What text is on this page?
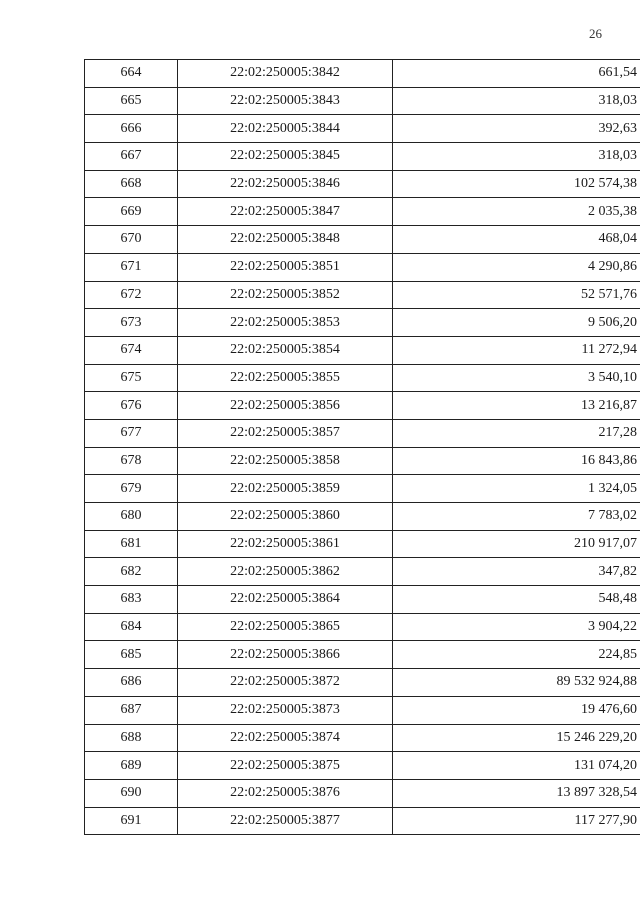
26
664	22:02:250005:3842	661,54
665	22:02:250005:3843	318,03
666	22:02:250005:3844	392,63
667	22:02:250005:3845	318,03
668	22:02:250005:3846	102 574,38
669	22:02:250005:3847	2 035,38
670	22:02:250005:3848	468,04
671	22:02:250005:3851	4 290,86
672	22:02:250005:3852	52 571,76
673	22:02:250005:3853	9 506,20
674	22:02:250005:3854	11 272,94
675	22:02:250005:3855	3 540,10
676	22:02:250005:3856	13 216,87
677	22:02:250005:3857	217,28
678	22:02:250005:3858	16 843,86
679	22:02:250005:3859	1 324,05
680	22:02:250005:3860	7 783,02
681	22:02:250005:3861	210 917,07
682	22:02:250005:3862	347,82
683	22:02:250005:3864	548,48
684	22:02:250005:3865	3 904,22
685	22:02:250005:3866	224,85
686	22:02:250005:3872	89 532 924,88
687	22:02:250005:3873	19 476,60
688	22:02:250005:3874	15 246 229,20
689	22:02:250005:3875	131 074,20
690	22:02:250005:3876	13 897 328,54
691	22:02:250005:3877	117 277,90
